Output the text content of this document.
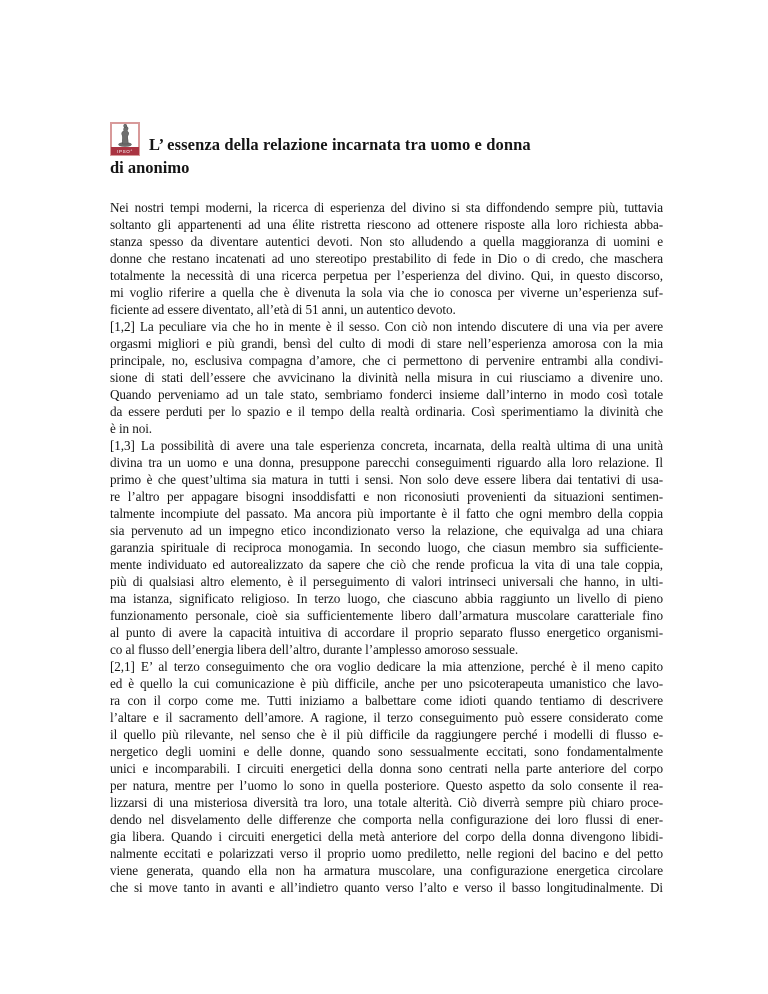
IPSO° L’ essenza della relazione incarnata tra uomo e donna
di anonimo
Nei nostri tempi moderni, la ricerca di esperienza del divino si sta diffondendo sempre più, tuttavia
soltanto gli appartenenti ad una élite ristretta riescono ad ottenere risposte alla loro richiesta abba-
stanza spesso da diventare autentici devoti. Non sto alludendo a quella maggioranza di uomini e
donne che restano incatenati ad uno stereotipo prestabilito di fede in Dio o di credo, che maschera
totalmente la necessità di una ricerca perpetua per l’esperienza del divino. Qui, in questo discorso,
mi voglio riferire a quella che è divenuta la sola via che io conosca per viverne un’esperienza suf-
ficiente ad essere diventato, all’età di 51 anni, un autentico devoto.
[1,2] La peculiare via che ho in mente è il sesso. Con ciò non intendo discutere di una via per avere
orgasmi migliori e più grandi, bensì del culto di modi di stare nell’esperienza amorosa con la mia
principale, no, esclusiva compagna d’amore, che ci permettono di pervenire entrambi alla condivi-
sione di stati dell’essere che avvicinano la divinità nella misura in cui riusciamo a divenire uno.
Quando perveniamo ad un tale stato, sembriamo fonderci insieme dall’interno in modo così totale
da essere perduti per lo spazio e il tempo della realtà ordinaria. Così sperimentiamo la divinità che
è in noi.
[1,3] La possibilità di avere una tale esperienza concreta, incarnata, della realtà ultima di una unità
divina tra un uomo e una donna, presuppone parecchi conseguimenti riguardo alla loro relazione. Il
primo è che quest’ultima sia matura in tutti i sensi. Non solo deve essere libera dai tentativi di usa-
re l’altro per appagare bisogni insoddisfatti e non riconosiuti provenienti da situazioni sentimen-
talmente incompiute del passato. Ma ancora più importante è il fatto che ogni membro della coppia
sia pervenuto ad un impegno etico incondizionato verso la relazione, che equivalga ad una chiara
garanzia spirituale di reciproca monogamia. In secondo luogo, che ciasun membro sia sufficiente-
mente individuato ed autorealizzato da sapere che ciò che rende proficua la vita di una tale coppia,
più di qualsiasi altro elemento, è il perseguimento di valori intrinseci universali che hanno, in ulti-
ma istanza, significato religioso. In terzo luogo, che ciascuno abbia raggiunto un livello di pieno
funzionamento personale, cioè sia sufficientemente libero dall’armatura muscolare caratteriale fino
al punto di avere la capacità intuitiva di accordare il proprio separato flusso energetico organismi-
co al flusso dell’energia libera dell’altro, durante l’amplesso amoroso sessuale.
[2,1] E’ al terzo conseguimento che ora voglio dedicare la mia attenzione, perché è il meno capito
ed è quello la cui comunicazione è più difficile, anche per uno psicoterapeuta umanistico che lavo-
ra con il corpo come me. Tutti iniziamo a balbettare come idioti quando tentiamo di descrivere
l’altare e il sacramento dell’amore. A ragione, il terzo conseguimento può essere considerato come
il quello più rilevante, nel senso che è il più difficile da raggiungere perché i modelli di flusso e-
nergetico degli uomini e delle donne, quando sono sessualmente eccitati, sono fondamentalmente
unici e incomparabili. I circuiti energetici della donna sono centrati nella parte anteriore del corpo
per natura, mentre per l’uomo lo sono in quella posteriore. Questo aspetto da solo consente il rea-
lizzarsi di una misteriosa diversità tra loro, una totale alterità. Ciò diverrà sempre più chiaro proce-
dendo nel disvelamento delle differenze che comporta nella configurazione dei loro flussi di ener-
gia libera. Quando i circuiti energetici della metà anteriore del corpo della donna divengono libidi-
nalmente eccitati e polarizzati verso il proprio uomo prediletto, nelle regioni del bacino e del petto
viene generata, quando ella non ha armatura muscolare, una configurazione energetica circolare
che si move tanto in avanti e all’indietro quanto verso l’alto e verso il basso longitudinalmente. Di
